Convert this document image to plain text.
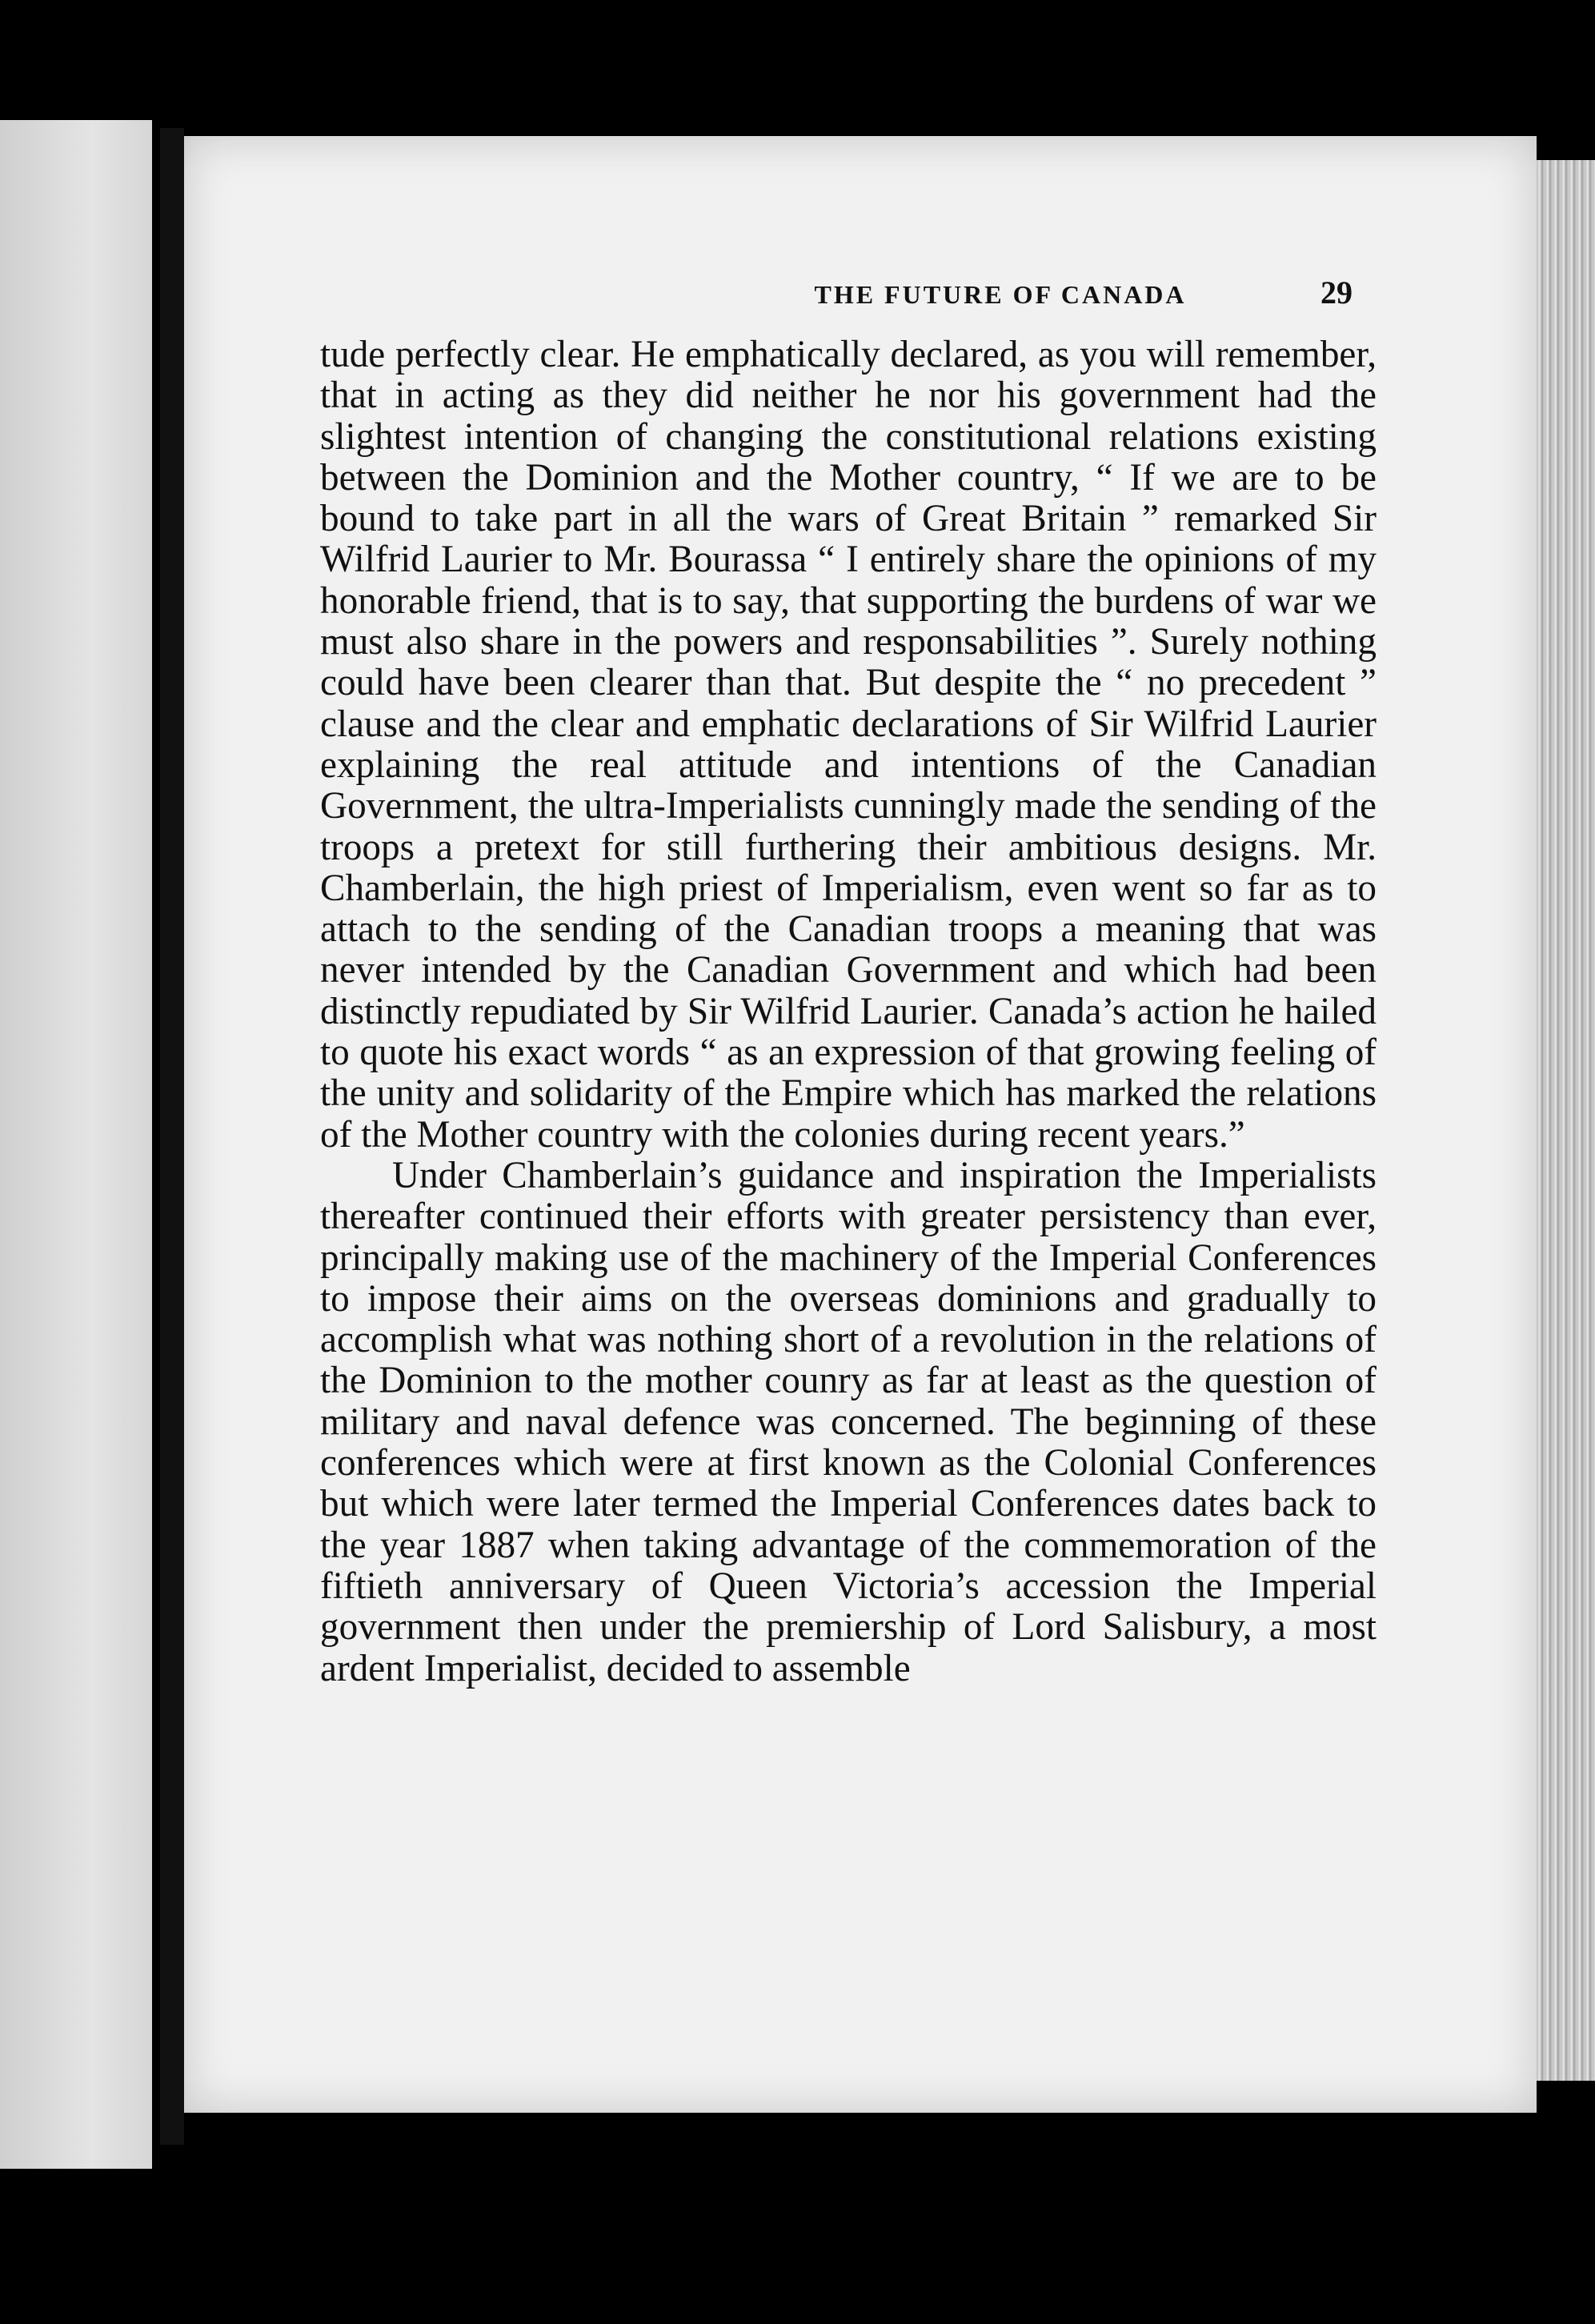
THE FUTURE OF CANADA	29

tude perfectly clear. He emphatically declared, as you will remember, that in acting as they did neither he nor his government had the slightest intention of changing the constitutional relations existing between the Dominion and the Mother country, “ If we are to be bound to take part in all the wars of Great Britain ” remarked Sir Wilfrid Laurier to Mr. Bourassa “ I entirely share the opinions of my honorable friend, that is to say, that supporting the burdens of war we must also share in the powers and responsabilities ”. Surely nothing could have been clearer than that. But despite the “ no precedent ” clause and the clear and emphatic declarations of Sir Wilfrid Laurier explaining the real attitude and intentions of the Canadian Government, the ultra-Imperialists cunningly made the sending of the troops a pretext for still furthering their ambitious designs. Mr. Chamberlain, the high priest of Imperialism, even went so far as to attach to the sending of the Canadian troops a meaning that was never intended by the Canadian Government and which had been distinctly repudiated by Sir Wilfrid Laurier. Canada’s action he hailed to quote his exact words “ as an expression of that growing feeling of the unity and solidarity of the Empire which has marked the relations of the Mother country with the colonies during recent years.”

Under Chamberlain’s guidance and inspiration the Imperialists thereafter continued their efforts with greater persistency than ever, principally making use of the machinery of the Imperial Conferences to impose their aims on the overseas dominions and gradually to accomplish what was nothing short of a revolution in the relations of the Dominion to the mother counry as far at least as the question of military and naval defence was concerned. The beginning of these conferences which were at first known as the Colonial Conferences but which were later termed the Imperial Conferences dates back to the year 1887 when taking advantage of the commemoration of the fiftieth anniversary of Queen Victoria’s accession the Imperial government then under the premiership of Lord Salisbury, a most ardent Imperialist, decided to assemble
